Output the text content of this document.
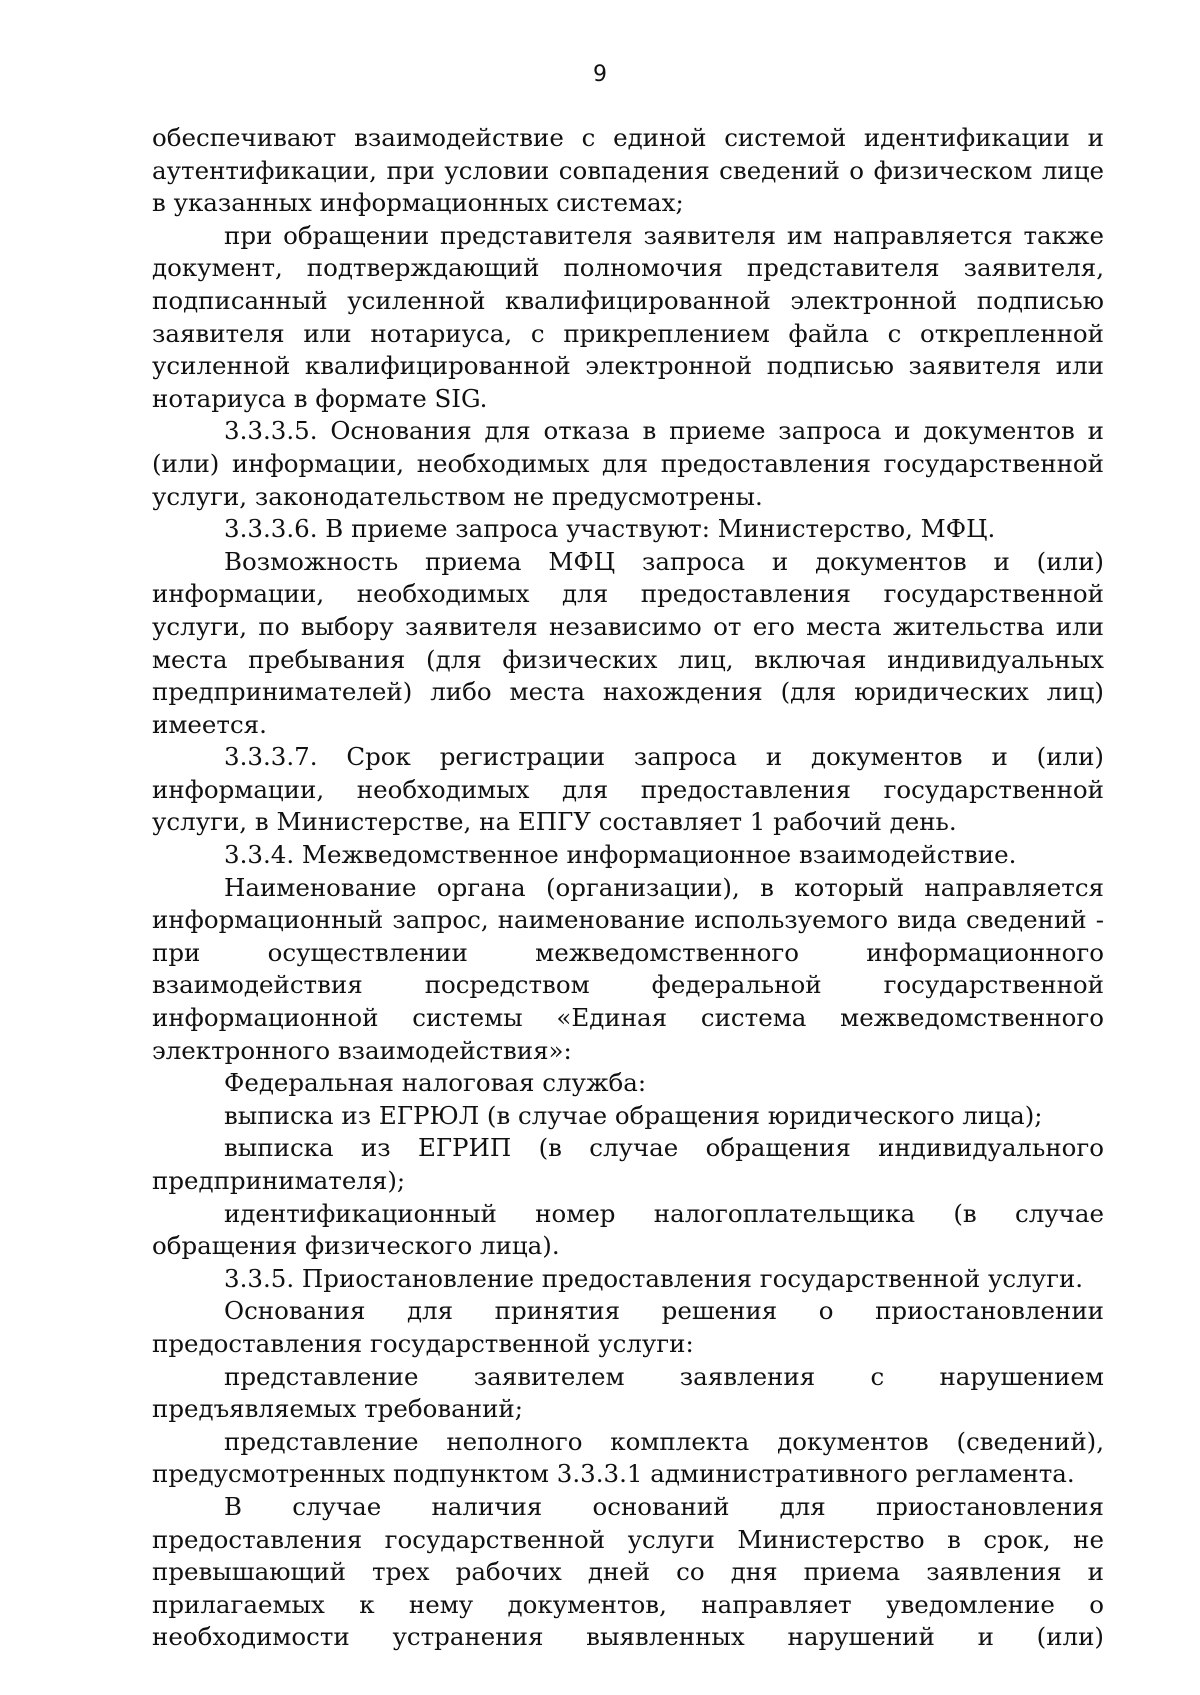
9

обеспечивают взаимодействие с единой системой идентификации и аутентификации, при условии совпадения сведений о физическом лице в указанных информационных системах;

при обращении представителя заявителя им направляется также документ, подтверждающий полномочия представителя заявителя, подписанный усиленной квалифицированной электронной подписью заявителя или нотариуса, с прикреплением файла с открепленной усиленной квалифицированной электронной подписью заявителя или нотариуса в формате SIG.

3.3.3.5. Основания для отказа в приеме запроса и документов и (или) информации, необходимых для предоставления государственной услуги, законодательством не предусмотрены.

3.3.3.6. В приеме запроса участвуют: Министерство, МФЦ.

Возможность приема МФЦ запроса и документов и (или) информации, необходимых для предоставления государственной услуги, по выбору заявителя независимо от его места жительства или места пребывания (для физических лиц, включая индивидуальных предпринимателей) либо места нахождения (для юридических лиц) имеется.

3.3.3.7. Срок регистрации запроса и документов и (или) информации, необходимых для предоставления государственной услуги, в Министерстве, на ЕПГУ составляет 1 рабочий день.

3.3.4. Межведомственное информационное взаимодействие.

Наименование органа (организации), в который направляется информационный запрос, наименование используемого вида сведений - при осуществлении межведомственного информационного взаимодействия посредством федеральной государственной информационной системы «Единая система межведомственного электронного взаимодействия»:

Федеральная налоговая служба:

выписка из ЕГРЮЛ (в случае обращения юридического лица);

выписка из ЕГРИП (в случае обращения индивидуального предпринимателя);

идентификационный номер налогоплательщика (в случае обращения физического лица).

3.3.5. Приостановление предоставления государственной услуги.

Основания для принятия решения о приостановлении предоставления государственной услуги:

представление заявителем заявления с нарушением предъявляемых требований;

представление неполного комплекта документов (сведений), предусмотренных подпунктом 3.3.3.1 административного регламента.

В случае наличия оснований для приостановления предоставления государственной услуги Министерство в срок, не превышающий трех рабочих дней со дня приема заявления и прилагаемых к нему документов, направляет уведомление о необходимости устранения выявленных нарушений и (или)
